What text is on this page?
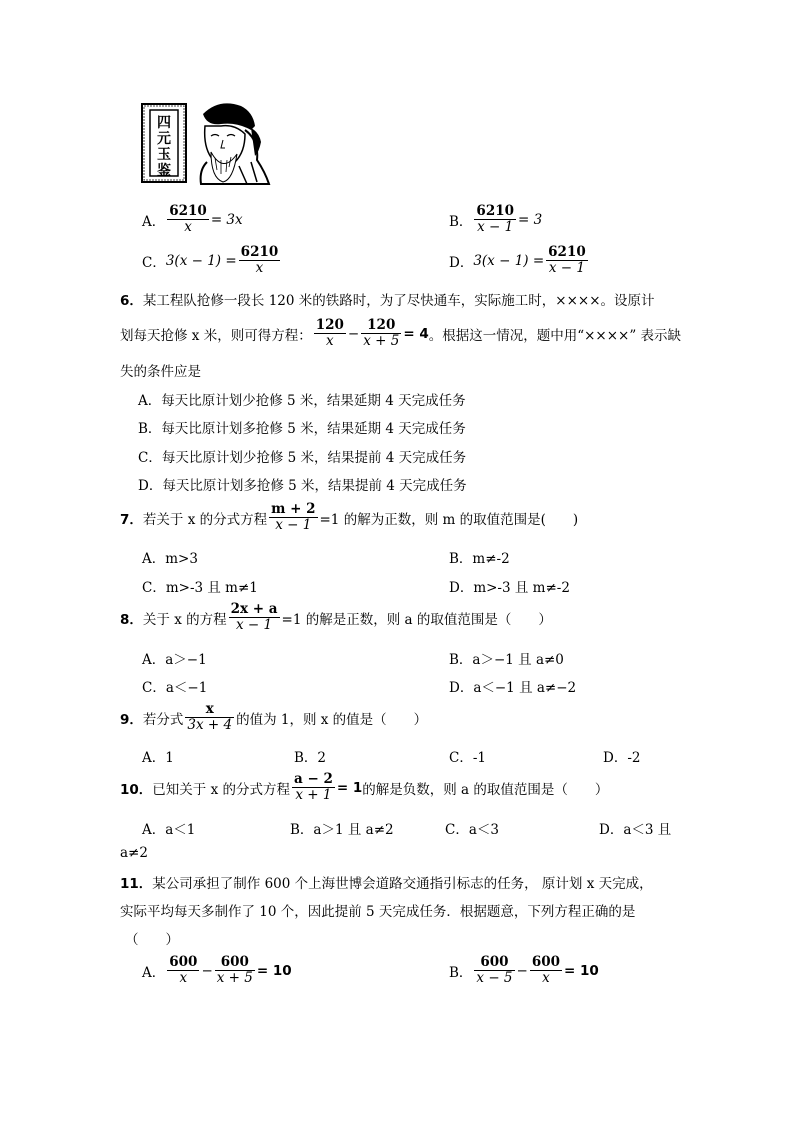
四
元
玉
鉴
A． $\frac{6210}{x} = 3x$	B． $\frac{6210}{x - 1} = 3$
C． $3(x - 1) = \frac{6210}{x}$	D． $3(x - 1) = \frac{6210}{x - 1}$
6．某工程队抢修一段长 120 米的铁路时，为了尽快通车，实际施工时，××××。设原计
划每天抢修 x 米，则可得方程： $\frac{120}{x} - \frac{120}{x + 5} = 4$ 。根据这一情况，题中用“××××” 表示缺
失的条件应是
A．每天比原计划少抢修 5 米，结果延期 4 天完成任务
B．每天比原计划多抢修 5 米，结果延期 4 天完成任务
C．每天比原计划少抢修 5 米，结果提前 4 天完成任务
D．每天比原计划多抢修 5 米，结果提前 4 天完成任务
7． 若关于 x 的分式方程 $\frac{m + 2}{x - 1} =1$ 的解为正数，则 m 的取值范围是(　　)
A．m>3	B．m≠-2
C．m>-3 且 m≠1	D．m>-3 且 m≠-2
8． 关于 x 的方程 $\frac{2x + a}{x - 1} =1$ 的解是正数，则 a 的取值范围是（　　）
A．a＞−1	B．a＞−1 且 a≠0
C．a＜−1	D．a＜−1 且 a≠−2
9． 若分式 $\frac{x}{3x + 4}$ 的值为 1，则 x 的值是（　　）
A．1	B．2	C．-1	D．-2
10． 已知关于 x 的分式方程 $\frac{a - 2}{x + 1} = 1$ 的解是负数，则 a 的取值范围是（　　）
A．a＜1	B．a＞1 且 a≠2	C．a＜3	D．a＜3 且
a≠2
11．某公司承担了制作 600 个上海世博会道路交通指引标志的任务， 原计划 x 天完成，
实际平均每天多制作了 10 个，因此提前 5 天完成任务．根据题意，下列方程正确的是
（　　）
A． $\frac{600}{x} - \frac{600}{x + 5} = 10$	B． $\frac{600}{x - 5} - \frac{600}{x} = 10$
